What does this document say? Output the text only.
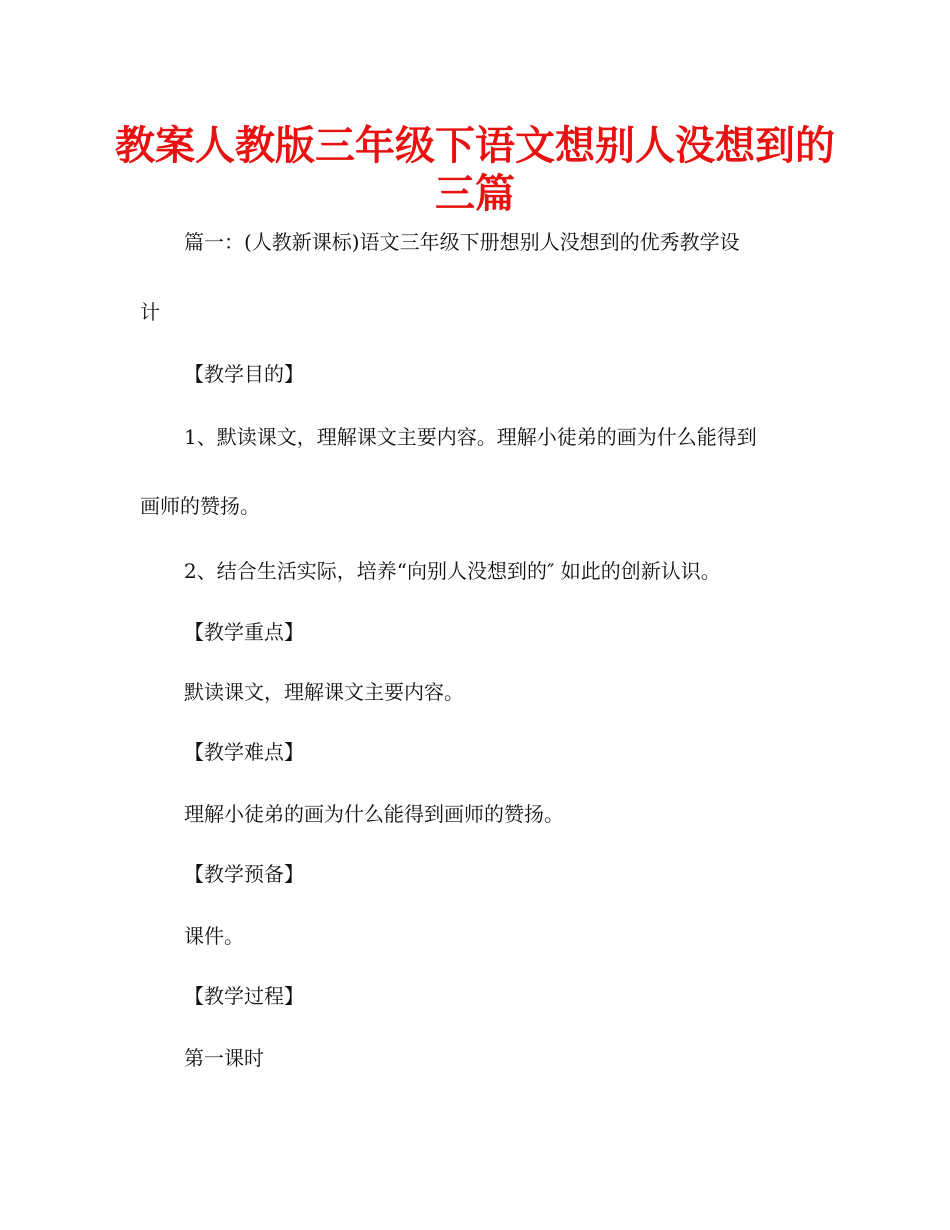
教案人教版三年级下语文想别人没想到的
三篇
篇一：(人教新课标)语文三年级下册想别人没想到的优秀教学设
计
【教学目的】
1、默读课文，理解课文主要内容。理解小徒弟的画为什么能得到
画师的赞扬。
2、结合生活实际，培养“向别人没想到的″ 如此的创新认识。
【教学重点】
默读课文，理解课文主要内容。
【教学难点】
理解小徒弟的画为什么能得到画师的赞扬。
【教学预备】
课件。
【教学过程】
第一课时
